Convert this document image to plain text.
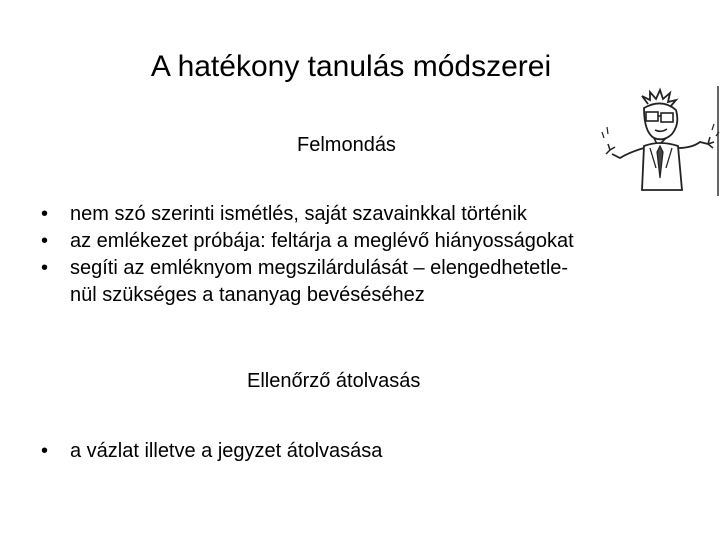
A hatékony tanulás módszerei
Felmondás
• nem szó szerinti ismétlés, saját szavainkkal történik
• az emlékezet próbája: feltárja a meglévő hiányosságokat
• segíti az emléknyom megszilárdulását – elengedhetetle-
nül szükséges a tananyag bevéséséhez
Ellenőrző átolvasás
• a vázlat illetve a jegyzet átolvasása
